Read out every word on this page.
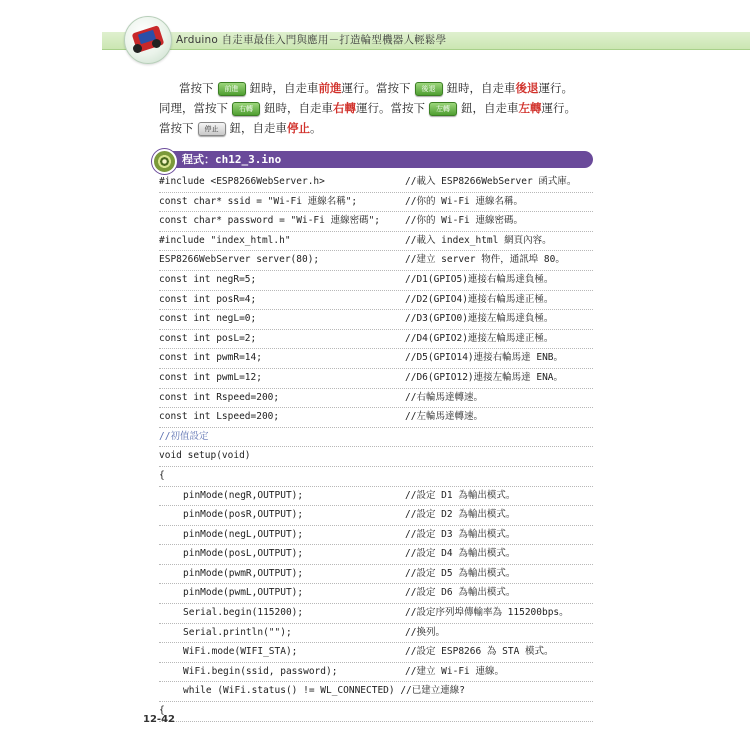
Arduino 自走車最佳入門與應用－打造輪型機器人輕鬆學
當按下 前進 鈕時，自走車前進運行。當按下 後退 鈕時，自走車後退運行。
同理，當按下 右轉 鈕時，自走車右轉運行。當按下 左轉 鈕，自走車左轉運行。
當按下 停止 鈕，自走車停止。
程式：ch12_3.ino
#include <ESP8266WebServer.h>	//載入 ESP8266WebServer 函式庫。
const char* ssid = "Wi-Fi 連線名稱";	//你的 Wi-Fi 連線名稱。
const char* password = "Wi-Fi 連線密碼";	//你的 Wi-Fi 連線密碼。
#include "index_html.h"	//載入 index_html 網頁內容。
ESP8266WebServer server(80);	//建立 server 物件，通訊埠 80。
const int negR=5;	//D1(GPIO5)連接右輪馬達負極。
const int posR=4;	//D2(GPIO4)連接右輪馬達正極。
const int negL=0;	//D3(GPIO0)連接左輪馬達負極。
const int posL=2;	//D4(GPIO2)連接左輪馬達正極。
const int pwmR=14;	//D5(GPIO14)連接右輪馬達 ENB。
const int pwmL=12;	//D6(GPIO12)連接左輪馬達 ENA。
const int Rspeed=200;	//右輪馬達轉速。
const int Lspeed=200;	//左輪馬達轉速。
//初值設定
void setup(void)
{
pinMode(negR,OUTPUT);	//設定 D1 為輸出模式。
pinMode(posR,OUTPUT);	//設定 D2 為輸出模式。
pinMode(negL,OUTPUT);	//設定 D3 為輸出模式。
pinMode(posL,OUTPUT);	//設定 D4 為輸出模式。
pinMode(pwmR,OUTPUT);	//設定 D5 為輸出模式。
pinMode(pwmL,OUTPUT);	//設定 D6 為輸出模式。
Serial.begin(115200);	//設定序列埠傳輸率為 115200bps。
Serial.println("");	//換列。
WiFi.mode(WIFI_STA);	//設定 ESP8266 為 STA 模式。
WiFi.begin(ssid, password);	//建立 Wi-Fi 連線。
while (WiFi.status() != WL_CONNECTED) //已建立連線?
{
12-42
